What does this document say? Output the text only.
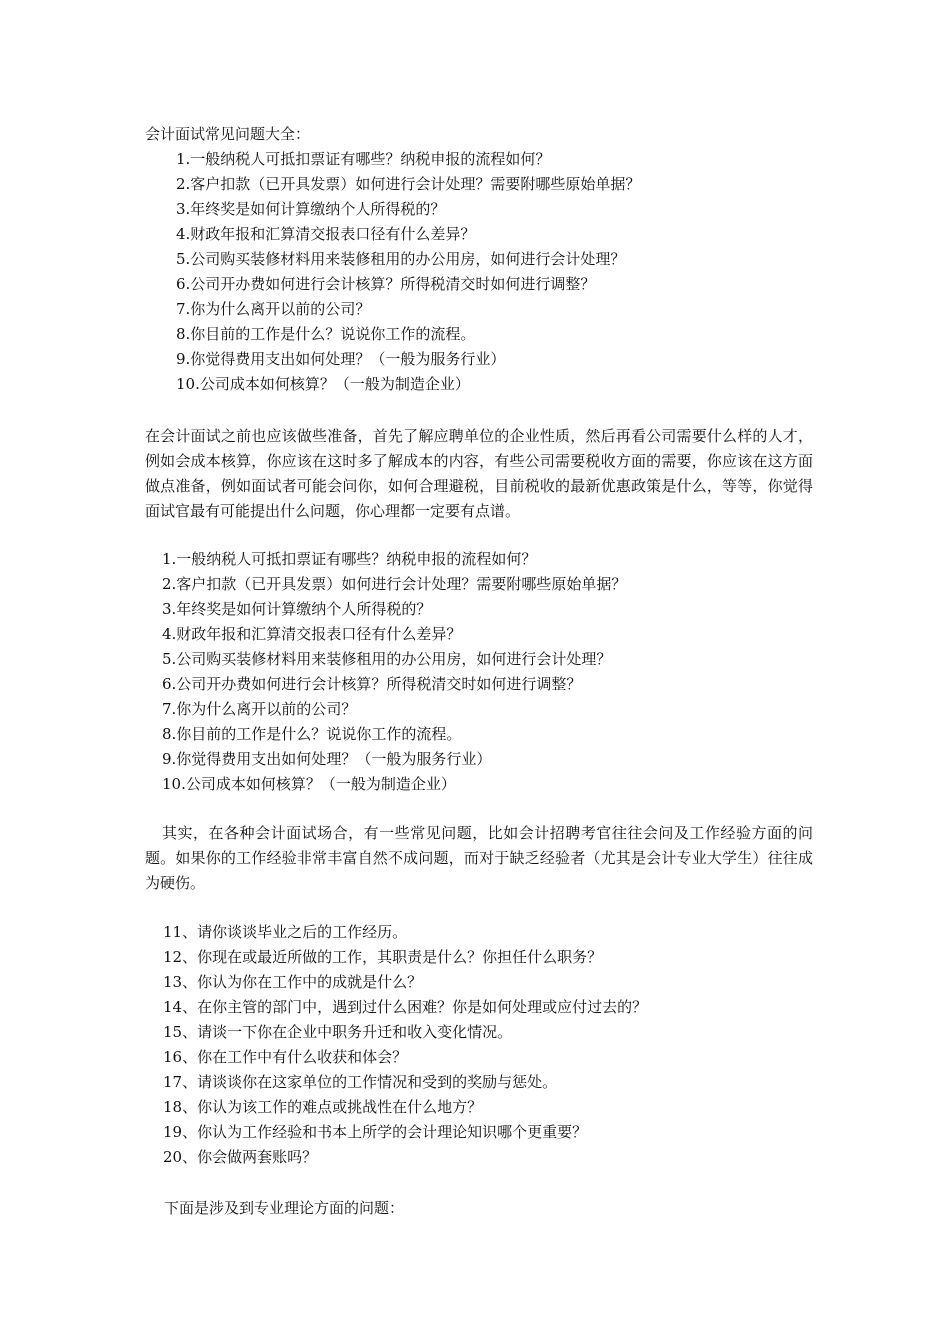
会计面试常见问题大全：
1.一般纳税人可抵扣票证有哪些？纳税申报的流程如何？
2.客户扣款（已开具发票）如何进行会计处理？需要附哪些原始单据？
3.年终奖是如何计算缴纳个人所得税的？
4.财政年报和汇算清交报表口径有什么差异？
5.公司购买装修材料用来装修租用的办公用房，如何进行会计处理？
6.公司开办费如何进行会计核算？所得税清交时如何进行调整？
7.你为什么离开以前的公司？
8.你目前的工作是什么？说说你工作的流程。
9.你觉得费用支出如何处理？（一般为服务行业）
10.公司成本如何核算？（一般为制造企业）
在会计面试之前也应该做些准备，首先了解应聘单位的企业性质，然后再看公司需要什么样的人才，例如会成本核算，你应该在这时多了解成本的内容，有些公司需要税收方面的需要，你应该在这方面做点准备，例如面试者可能会问你，如何合理避税，目前税收的最新优惠政策是什么，等等，你觉得面试官最有可能提出什么问题，你心理都一定要有点谱。
1.一般纳税人可抵扣票证有哪些？纳税申报的流程如何？
2.客户扣款（已开具发票）如何进行会计处理？需要附哪些原始单据？
3.年终奖是如何计算缴纳个人所得税的？
4.财政年报和汇算清交报表口径有什么差异？
5.公司购买装修材料用来装修租用的办公用房，如何进行会计处理？
6.公司开办费如何进行会计核算？所得税清交时如何进行调整？
7.你为什么离开以前的公司？
8.你目前的工作是什么？说说你工作的流程。
9.你觉得费用支出如何处理？（一般为服务行业）
10.公司成本如何核算？（一般为制造企业）
其实，在各种会计面试场合，有一些常见问题，比如会计招聘考官往往会问及工作经验方面的问题。如果你的工作经验非常丰富自然不成问题，而对于缺乏经验者（尤其是会计专业大学生）往往成为硬伤。
11、请你谈谈毕业之后的工作经历。
12、你现在或最近所做的工作，其职责是什么？你担任什么职务？
13、你认为你在工作中的成就是什么？
14、在你主管的部门中，遇到过什么困难？你是如何处理或应付过去的？
15、请谈一下你在企业中职务升迁和收入变化情况。
16、你在工作中有什么收获和体会？
17、请谈谈你在这家单位的工作情况和受到的奖励与惩处。
18、你认为该工作的难点或挑战性在什么地方？
19、你认为工作经验和书本上所学的会计理论知识哪个更重要？
20、你会做两套账吗？
下面是涉及到专业理论方面的问题：
